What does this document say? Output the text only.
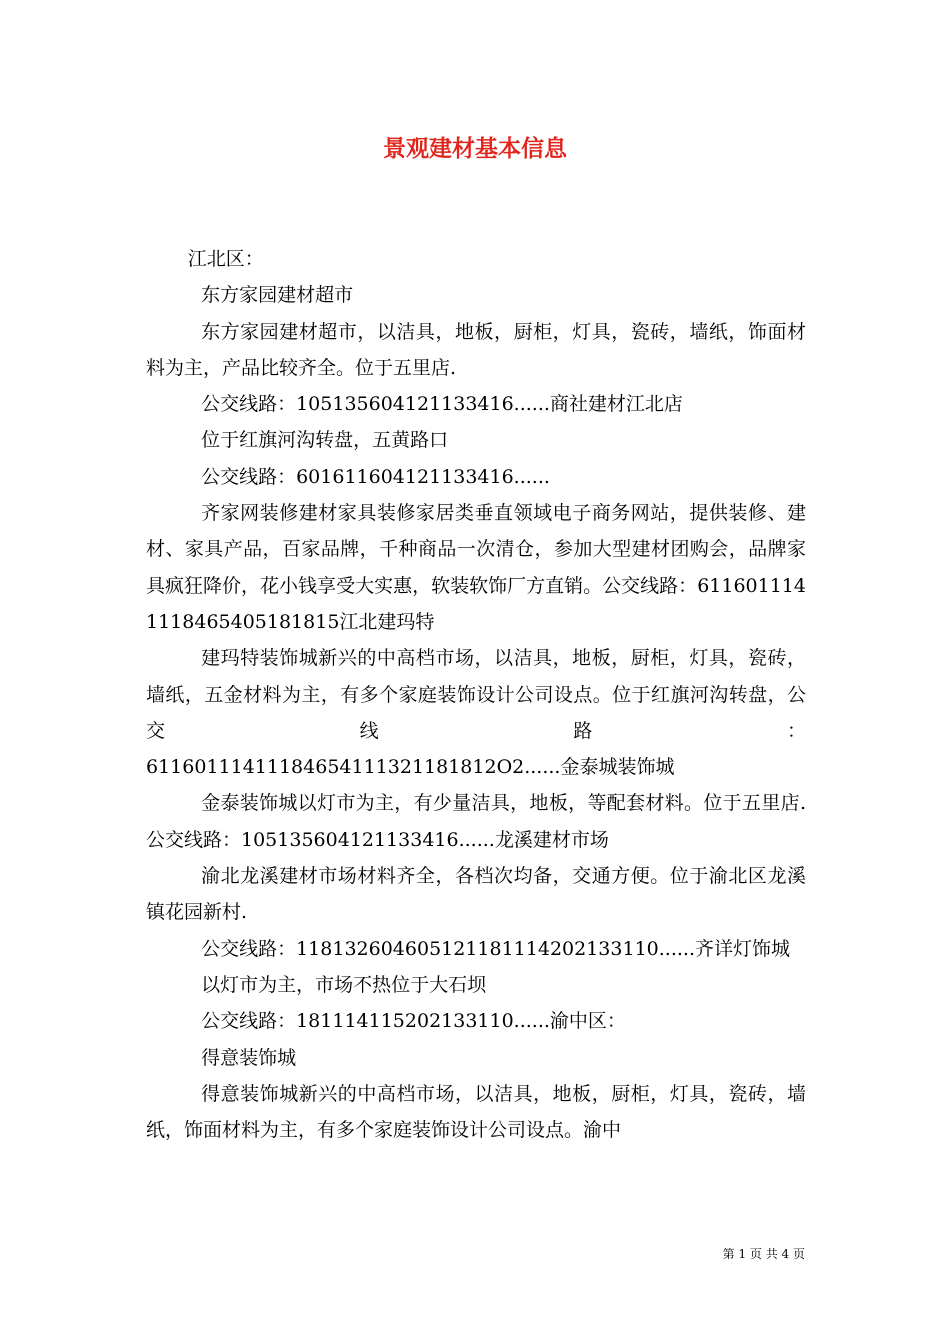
景观建材基本信息

江北区：

东方家园建材超市

东方家园建材超市，以洁具，地板，厨柜，灯具，瓷砖，墙纸，饰面材料为主，产品比较齐全。位于五里店.

公交线路：105135604121133416......商社建材江北店

位于红旗河沟转盘，五黄路口

公交线路：601611604121133416......

齐家网装修建材家具装修家居类垂直领域电子商务网站，提供装修、建材、家具产品，百家品牌，千种商品一次清仓，参加大型建材团购会，品牌家具疯狂降价，花小钱享受大实惠，软装软饰厂方直销。公交线路：6116011141118465405181815江北建玛特

建玛特装饰城新兴的中高档市场，以洁具，地板，厨柜，灯具，瓷砖，墙纸，五金材料为主，有多个家庭装饰设计公司设点。位于红旗河沟转盘，公交线路：

61160111411184654111321181812O2......金泰城装饰城

金泰装饰城以灯市为主，有少量洁具，地板，等配套材料。位于五里店.公交线路：105135604121133416......龙溪建材市场

渝北龙溪建材市场材料齐全，各档次均备，交通方便。位于渝北区龙溪镇花园新村.

公交线路：118132604605121181114202133110......齐详灯饰城

以灯市为主，市场不热位于大石坝

公交线路：181114115202133110......渝中区：

得意装饰城

得意装饰城新兴的中高档市场，以洁具，地板，厨柜，灯具，瓷砖，墙纸，饰面材料为主，有多个家庭装饰设计公司设点。渝中

第 1 页 共 4 页
